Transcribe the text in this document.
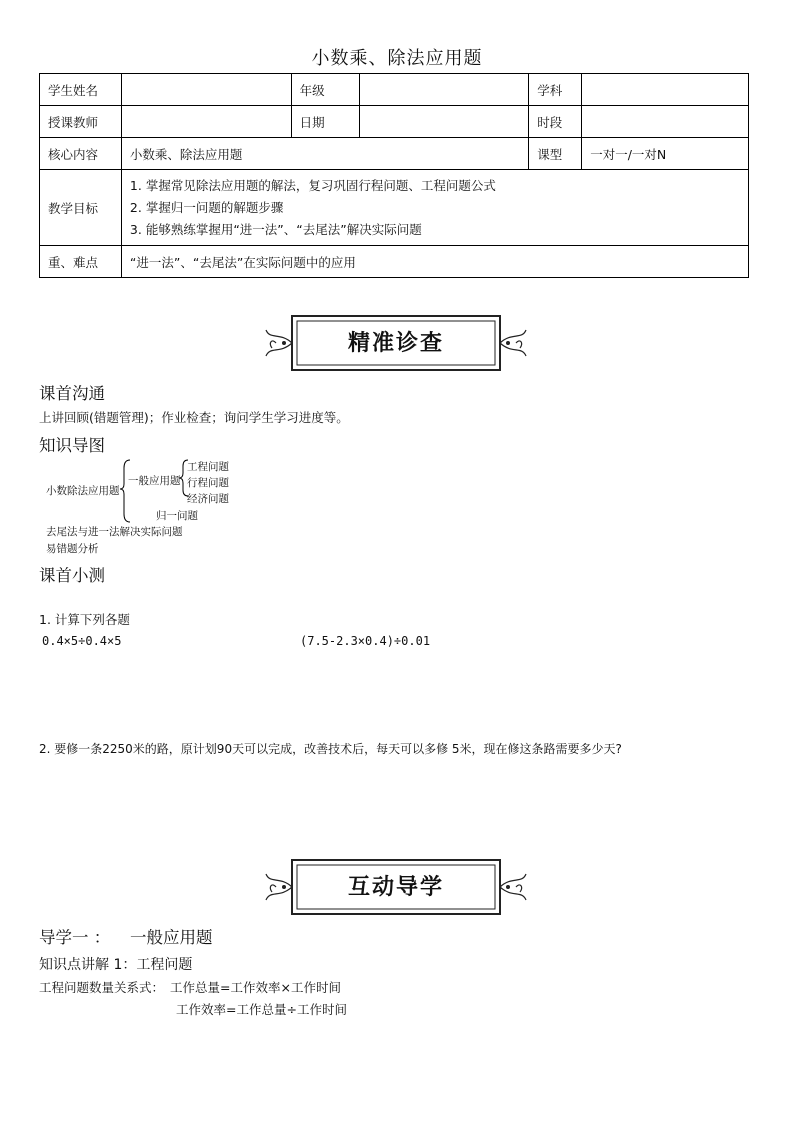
小数乘、除法应用题
学生姓名		年级		学科	
授课教师		日期		时段	
核心内容	小数乘、除法应用题			课型	一对一/一对N
教学目标	1. 掌握常见除法应用题的解法，复习巩固行程问题、工程问题公式
2. 掌握归一问题的解题步骤
3. 能够熟练掌握用“进一法”、“去尾法”解决实际问题				

重、难点	“进一法”、“去尾法”在实际问题中的应用				
精准诊查
课首沟通
上讲回顾(错题管理)；作业检查；询问学生学习进度等。
知识导图
小数除法应用题
一般应用题
工程问题
行程问题
经济问题
归一问题
去尾法与进一法解决实际问题
易错题分析
课首小测
1. 计算下列各题
0.4×5÷0.4×5	(7.5-2.3×0.4)÷0.01
2. 要修一条2250米的路，原计划90天可以完成，改善技术后，每天可以多修 5米，现在修这条路需要多少天?
互动导学
导学一 ： 一般应用题
知识点讲解 1：工程问题
工程问题数量关系式： 工作总量=工作效率×工作时间
工作效率=工作总量÷工作时间
